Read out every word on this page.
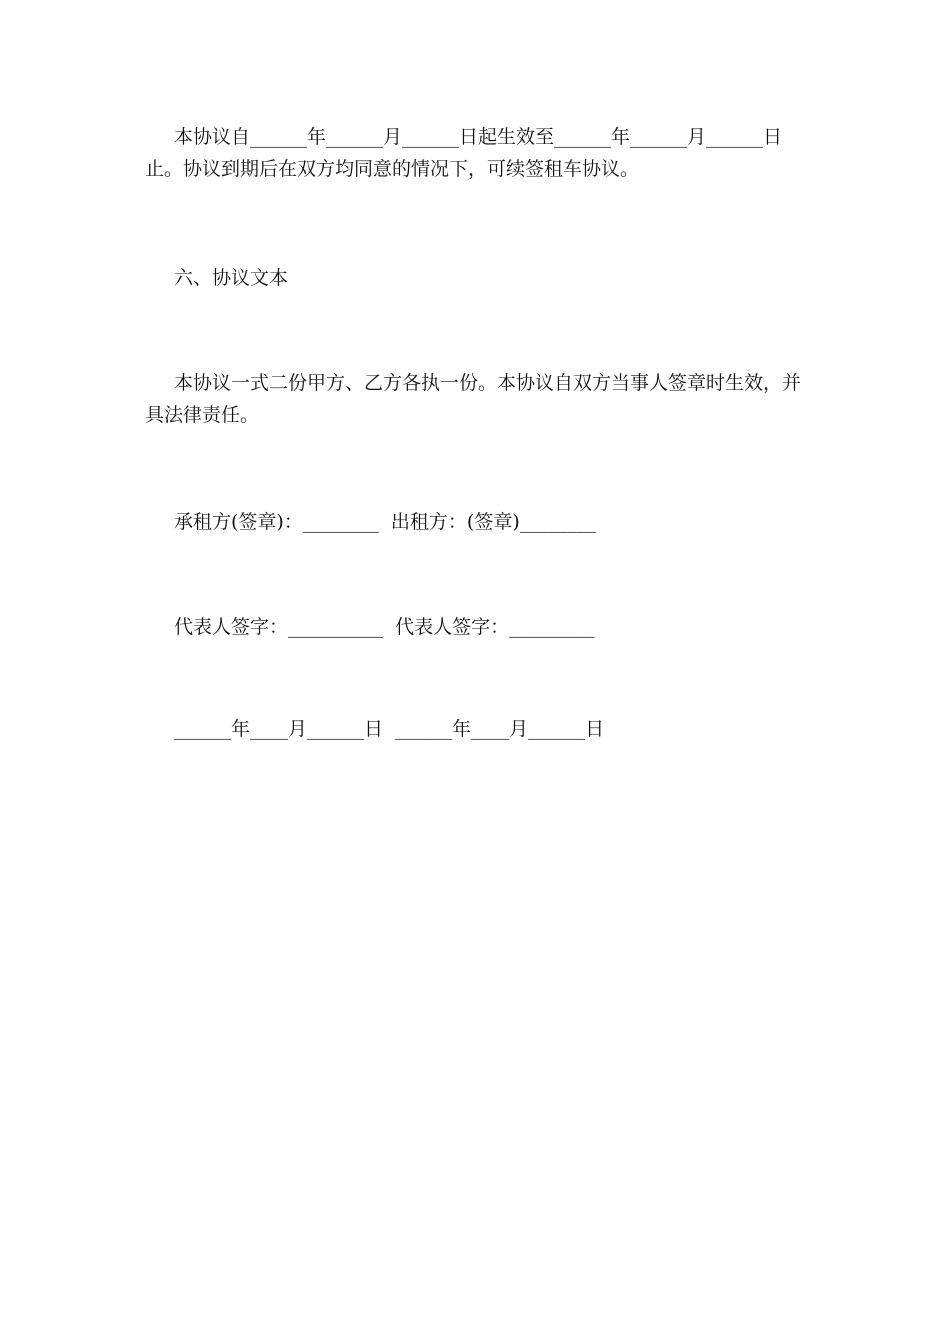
本协议自______年______月______日起生效至______年______月______日止。协议到期后在双方均同意的情况下，可续签租车协议。

六、协议文本

本协议一式二份甲方、乙方各执一份。本协议自双方当事人签章时生效，并具法律责任。

承租方(签章)：________  出租方：(签章)________

代表人签字：__________  代表人签字：_________

______年____月______日  ______年____月______日
